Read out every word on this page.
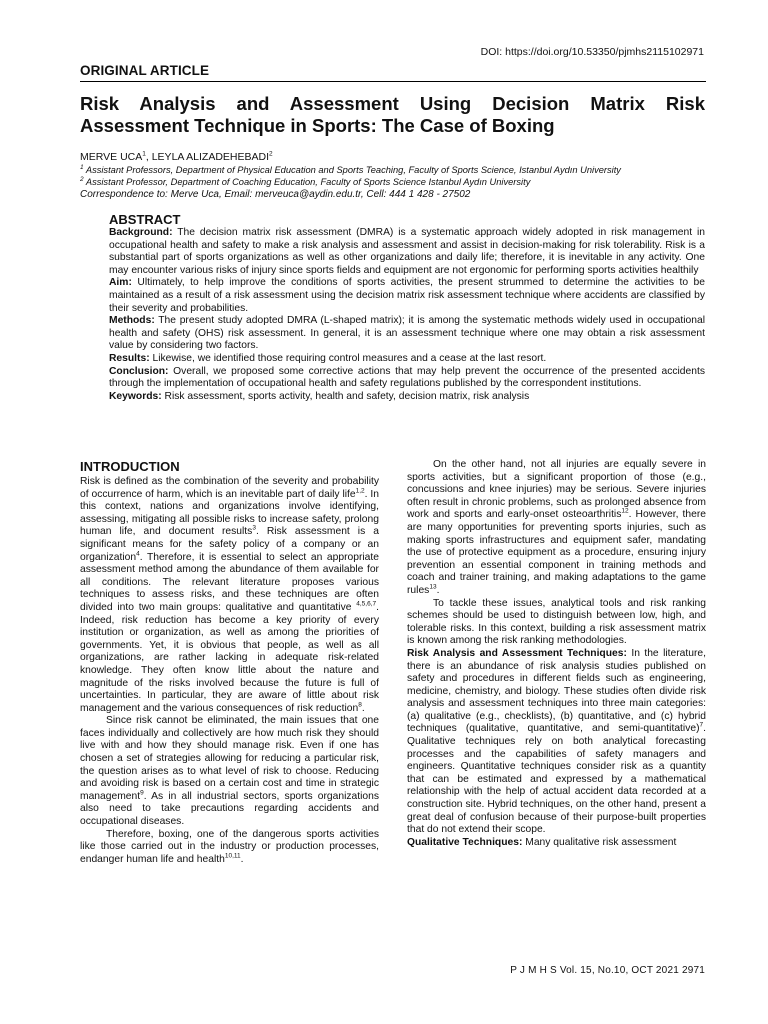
DOI: https://doi.org/10.53350/pjmhs2115102971
ORIGINAL ARTICLE
Risk Analysis and Assessment Using Decision Matrix Risk Assessment Technique in Sports: The Case of Boxing
MERVE UCA$^1$, LEYLA ALIZADEHEBADI$^2$
$^1$ Assistant Professors, Department of Physical Education and Sports Teaching, Faculty of Sports Science, Istanbul Aydın University
$^2$ Assistant Professor, Department of Coaching Education, Faculty of Sports Science Istanbul Aydın University
Correspondence to: Merve Uca, Email: merveuca@aydin.edu.tr, Cell: 444 1 428 - 27502
ABSTRACT

Background: The decision matrix risk assessment (DMRA) is a systematic approach widely adopted in risk management in occupational health and safety to make a risk analysis and assessment and assist in decision-making for risk tolerability. Risk is a substantial part of sports organizations as well as other organizations and daily life; therefore, it is inevitable in any activity. One may encounter various risks of injury since sports fields and equipment are not ergonomic for performing sports activities healthily

Aim: Ultimately, to help improve the conditions of sports activities, the present strummed to determine the activities to be maintained as a result of a risk assessment using the decision matrix risk assessment technique where accidents are classified by their severity and probabilities.

Methods: The present study adopted DMRA (L-shaped matrix); it is among the systematic methods widely used in occupational health and safety (OHS) risk assessment. In general, it is an assessment technique where one may obtain a risk assessment value by considering two factors.

Results: Likewise, we identified those requiring control measures and a cease at the last resort.

Conclusion: Overall, we proposed some corrective actions that may help prevent the occurrence of the presented accidents through the implementation of occupational health and safety regulations published by the correspondent institutions.

Keywords: Risk assessment, sports activity, health and safety, decision matrix, risk analysis

INTRODUCTION

Risk is defined as the combination of the severity and probability of occurrence of harm, which is an inevitable part of daily life$^{1,2}$. In this context, nations and organizations involve identifying, assessing, mitigating all possible risks to increase safety, prolong human life, and document results$^3$. Risk assessment is a significant means for the safety policy of a company or an organization$^4$. Therefore, it is essential to select an appropriate assessment method among the abundance of them available for all conditions. The relevant literature proposes various techniques to assess risks, and these techniques are often divided into two main groups: qualitative and quantitative $^{4,5,6,7}$. Indeed, risk reduction has become a key priority of every institution or organization, as well as among the priorities of governments. Yet, it is obvious that people, as well as all organizations, are rather lacking in adequate risk-related knowledge. They often know little about the nature and magnitude of the risks involved because the future is full of uncertainties. In particular, they are aware of little about risk management and the various consequences of risk reduction$^8$.

Since risk cannot be eliminated, the main issues that one faces individually and collectively are how much risk they should live with and how they should manage risk. Even if one has chosen a set of strategies allowing for reducing a particular risk, the question arises as to what level of risk to choose. Reducing and avoiding risk is based on a certain cost and time in strategic management$^9$. As in all industrial sectors, sports organizations also need to take precautions regarding accidents and occupational diseases.

Therefore, boxing, one of the dangerous sports activities like those carried out in the industry or production processes, endanger human life and health$^{10,11}$.

On the other hand, not all injuries are equally severe in sports activities, but a significant proportion of those (e.g., concussions and knee injuries) may be serious. Severe injuries often result in chronic problems, such as prolonged absence from work and sports and early-onset osteoarthritis$^{12}$. However, there are many opportunities for preventing sports injuries, such as making sports infrastructures and equipment safer, mandating the use of protective equipment as a procedure, ensuring injury prevention an essential component in training methods and coach and trainer training, and making adaptations to the game rules$^{13}$.

To tackle these issues, analytical tools and risk ranking schemes should be used to distinguish between low, high, and tolerable risks. In this context, building a risk assessment matrix is known among the risk ranking methodologies.

Risk Analysis and Assessment Techniques: In the literature, there is an abundance of risk analysis studies published on safety and procedures in different fields such as engineering, medicine, chemistry, and biology. These studies often divide risk analysis and assessment techniques into three main categories: (a) qualitative (e.g., checklists), (b) quantitative, and (c) hybrid techniques (qualitative, quantitative, and semi-quantitative)$^7$. Qualitative techniques rely on both analytical forecasting processes and the capabilities of safety managers and engineers. Quantitative techniques consider risk as a quantity that can be estimated and expressed by a mathematical relationship with the help of actual accident data recorded at a construction site. Hybrid techniques, on the other hand, present a great deal of confusion because of their purpose-built properties that do not extend their scope.

Qualitative Techniques: Many qualitative risk assessment

P J M H S Vol. 15, No.10, OCT 2021 2971
